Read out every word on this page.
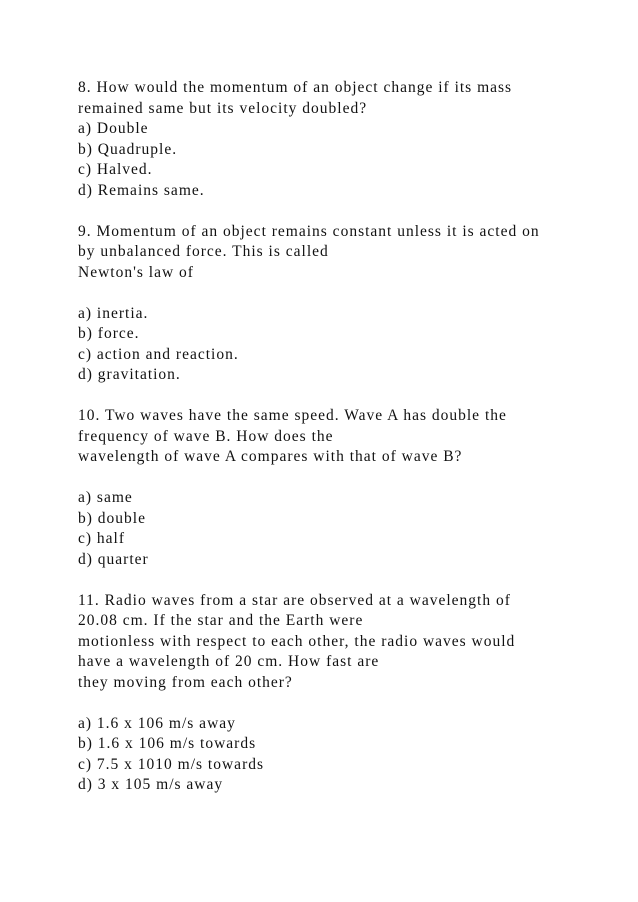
8. How would the momentum of an object change if its mass
remained same but its velocity doubled?
a) Double
b) Quadruple.
c) Halved.
d) Remains same.
9. Momentum of an object remains constant unless it is acted on
by unbalanced force. This is called
Newton's law of
a) inertia.
b) force.
c) action and reaction.
d) gravitation.
10. Two waves have the same speed. Wave A has double the
frequency of wave B. How does the
wavelength of wave A compares with that of wave B?
a) same
b) double
c) half
d) quarter
11. Radio waves from a star are observed at a wavelength of
20.08 cm. If the star and the Earth were
motionless with respect to each other, the radio waves would
have a wavelength of 20 cm. How fast are
they moving from each other?
a) 1.6 x 106 m/s away
b) 1.6 x 106 m/s towards
c) 7.5 x 1010 m/s towards
d) 3 x 105 m/s away
